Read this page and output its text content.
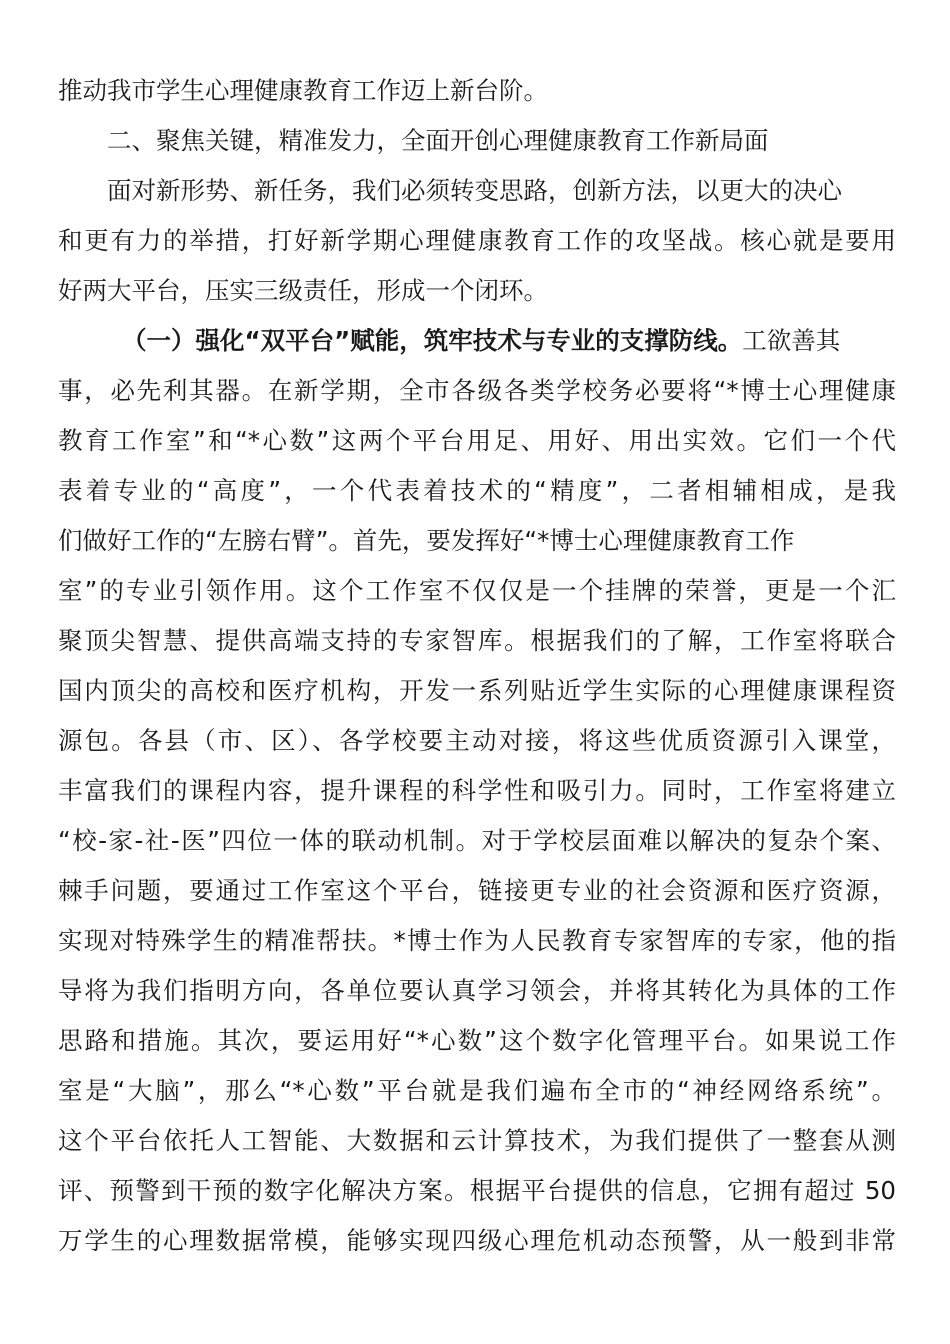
推动我市学生心理健康教育工作迈上新台阶。
二、聚焦关键，精准发力，全面开创心理健康教育工作新局面
面对新形势、新任务，我们必须转变思路，创新方法，以更大的决心
和更有力的举措，打好新学期心理健康教育工作的攻坚战。核心就是要用
好两大平台，压实三级责任，形成一个闭环。
（一）强化“双平台”赋能，筑牢技术与专业的支撑防线。工欲善其
事，必先利其器。在新学期，全市各级各类学校务必要将“*博士心理健康
教育工作室”和“*心数”这两个平台用足、用好、用出实效。它们一个代
表着专业的“高度”，一个代表着技术的“精度”，二者相辅相成，是我
们做好工作的“左膀右臂”。首先，要发挥好“*博士心理健康教育工作
室”的专业引领作用。这个工作室不仅仅是一个挂牌的荣誉，更是一个汇
聚顶尖智慧、提供高端支持的专家智库。根据我们的了解，工作室将联合
国内顶尖的高校和医疗机构，开发一系列贴近学生实际的心理健康课程资
源包。各县（市、区）、各学校要主动对接，将这些优质资源引入课堂，
丰富我们的课程内容，提升课程的科学性和吸引力。同时，工作室将建立
“校-家-社-医”四位一体的联动机制。对于学校层面难以解决的复杂个案、
棘手问题，要通过工作室这个平台，链接更专业的社会资源和医疗资源，
实现对特殊学生的精准帮扶。*博士作为人民教育专家智库的专家，他的指
导将为我们指明方向，各单位要认真学习领会，并将其转化为具体的工作
思路和措施。其次，要运用好“*心数”这个数字化管理平台。如果说工作
室是“大脑”，那么“*心数”平台就是我们遍布全市的“神经网络系统”。
这个平台依托人工智能、大数据和云计算技术，为我们提供了一整套从测
评、预警到干预的数字化解决方案。根据平台提供的信息，它拥有超过 50
万学生的心理数据常模，能够实现四级心理危机动态预警，从一般到非常
